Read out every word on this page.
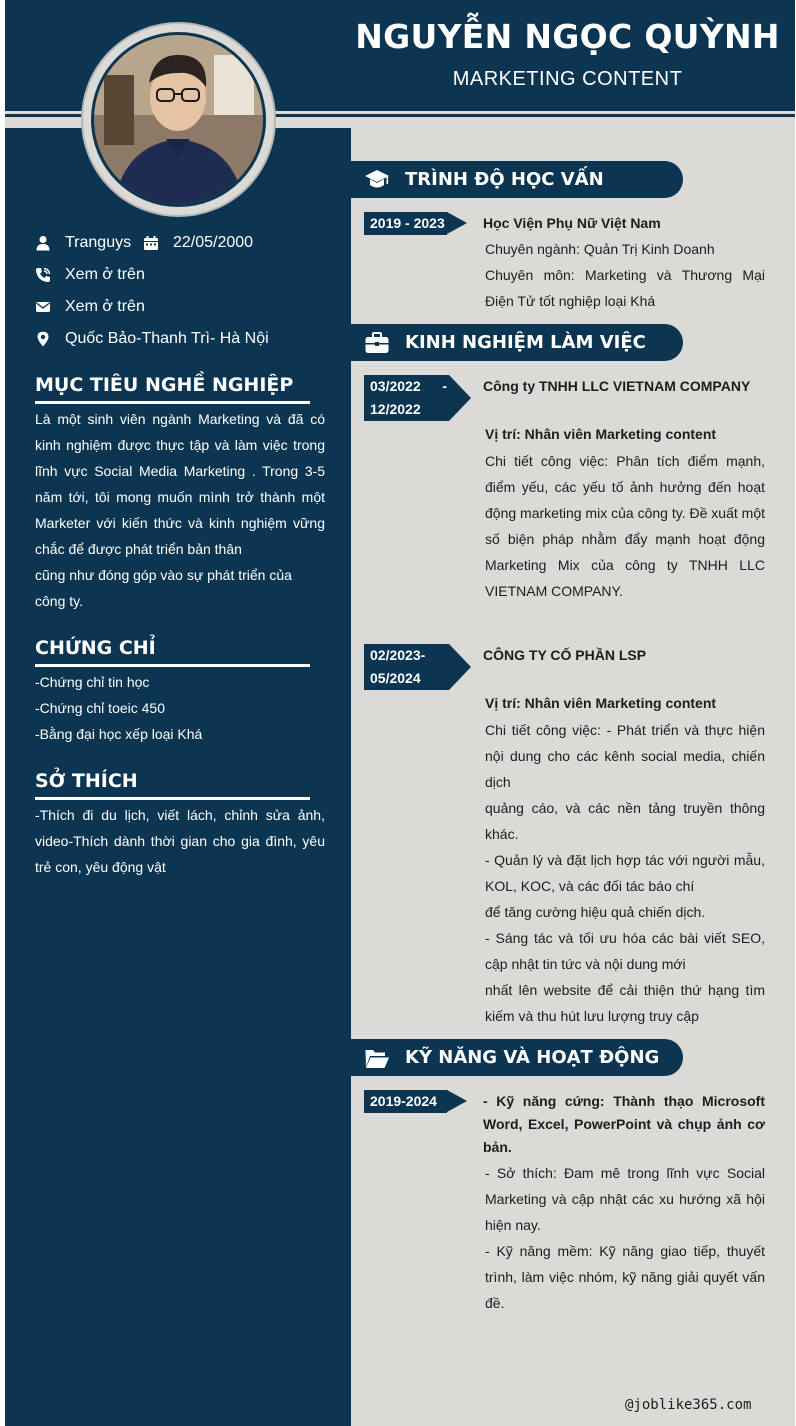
NGUYỄN NGỌC QUỲNH
MARKETING CONTENT
Tranguys	22/05/2000
Xem ở trên
Xem ở trên
Quốc Bảo-Thanh Trì- Hà Nội
MỤC TIÊU NGHỀ NGHIỆP
Là một sinh viên ngành Marketing và đã có kinh nghiệm được thực tập và làm việc trong lĩnh vực Social Media Marketing . Trong 3-5 năm tới, tôi mong muốn mình trở thành một Marketer với kiến thức và kinh nghiệm vững chắc để được phát triển bản thân
cũng như đóng góp vào sự phát triển của công ty.
CHỨNG CHỈ
-Chứng chỉ tin học
-Chứng chỉ toeic 450
-Bằng đại học xếp loại Khá
SỞ THÍCH
-Thích đi du lịch, viết lách, chỉnh sửa ảnh, video-Thích dành thời gian cho gia đình, yêu trẻ con, yêu động vật
TRÌNH ĐỘ HỌC VẤN
2019 - 2023	Học Viện Phụ Nữ Việt Nam

Chuyên ngành: Quản Trị Kinh Doanh

Chuyên môn: Marketing và Thương Mại Điện Tử tốt nghiệp loại Khá

KINH NGHIỆM LÀM VIỆC
03/2022 -

12/2022
Công ty TNHH LLC VIETNAM COMPANY
Vị trí: Nhân viên Marketing content

Chi tiết công việc: Phân tích điểm mạnh, điểm yếu, các yếu tố ảnh hưởng đến hoạt động marketing mix của công ty. Đề xuất một số biện pháp nhằm đẩy mạnh hoạt động Marketing Mix của công ty TNHH LLC VIETNAM COMPANY.

02/2023-
05/2024
CÔNG TY CỐ PHẦN LSP
Vị trí: Nhân viên Marketing content

Chi tiết công việc: - Phát triển và thực hiện nội dung cho các kênh social media, chiến dịch

quảng cáo, và các nền tảng truyền thông khác.

- Quản lý và đặt lịch hợp tác với người mẫu, KOL, KOC, và các đối tác báo chí

để tăng cường hiệu quả chiến dịch.

- Sáng tác và tối ưu hóa các bài viết SEO, cập nhật tin tức và nội dung mới

nhất lên website để cải thiện thứ hạng tìm kiếm và thu hút lưu lượng truy cập

KỸ NĂNG VÀ HOẠT ĐỘNG
2019-2024	- Kỹ năng cứng: Thành thạo Microsoft Word, Excel, PowerPoint và chụp ảnh cơ bản.

- Sở thích: Đam mê trong lĩnh vực Social Marketing và cập nhật các xu hướng xã hội hiện nay.

- Kỹ năng mềm: Kỹ năng giao tiếp, thuyết trình, làm việc nhóm, kỹ năng giải quyết vấn đề.

@joblike365.com
